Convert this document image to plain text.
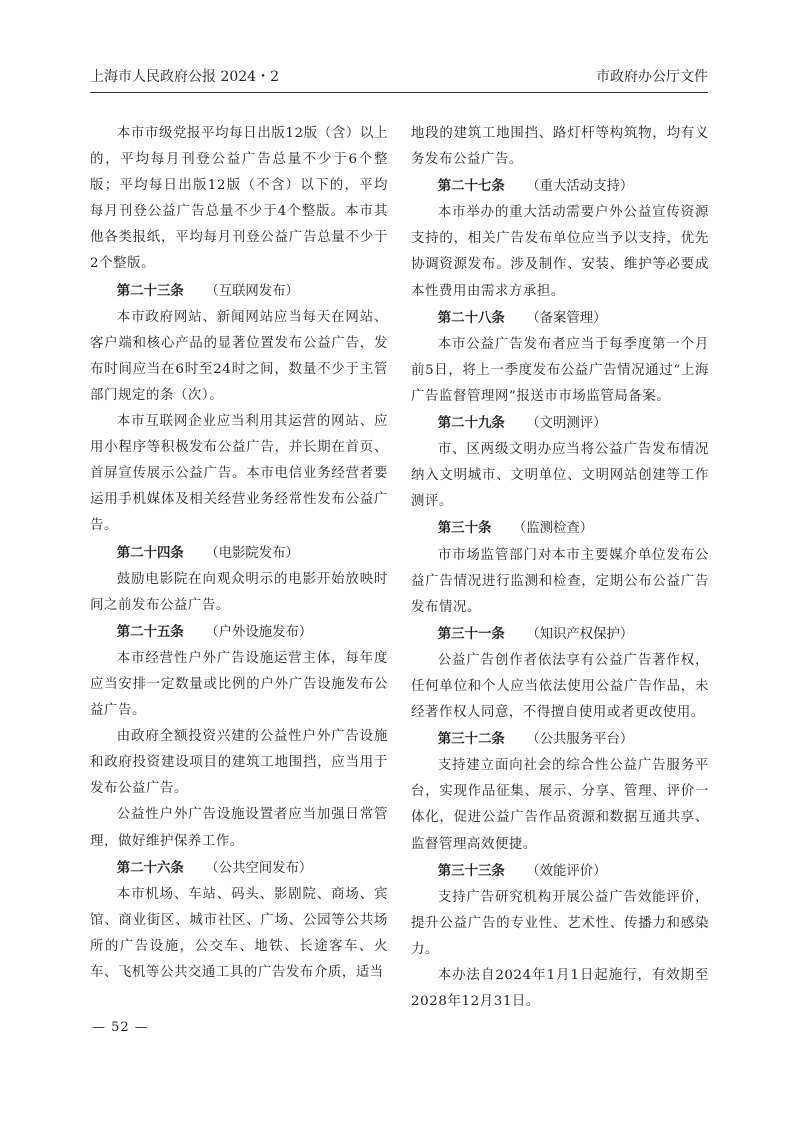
上海市人民政府公报 2024・2	市政府办公厅文件
本市市级党报平均每日出版12版（含）以上的，平均每月刊登公益广告总量不少于6个整版；平均每日出版12版（不含）以下的，平均每月刊登公益广告总量不少于4个整版。本市其他各类报纸，平均每月刊登公益广告总量不少于2个整版。
第二十三条 （互联网发布）
本市政府网站、新闻网站应当每天在网站、客户端和核心产品的显著位置发布公益广告，发布时间应当在6时至24时之间，数量不少于主管部门规定的条（次）。
本市互联网企业应当利用其运营的网站、应用小程序等积极发布公益广告，并长期在首页、首屏宣传展示公益广告。本市电信业务经营者要运用手机媒体及相关经营业务经常性发布公益广告。
第二十四条 （电影院发布）
鼓励电影院在向观众明示的电影开始放映时间之前发布公益广告。
第二十五条 （户外设施发布）
本市经营性户外广告设施运营主体，每年度应当安排一定数量或比例的户外广告设施发布公益广告。
由政府全额投资兴建的公益性户外广告设施和政府投资建设项目的建筑工地围挡，应当用于发布公益广告。
公益性户外广告设施设置者应当加强日常管理，做好维护保养工作。
第二十六条 （公共空间发布）
本市机场、车站、码头、影剧院、商场、宾馆、商业街区、城市社区、广场、公园等公共场所的广告设施，公交车、地铁、长途客车、火车、飞机等公共交通工具的广告发布介质，适当
地段的建筑工地围挡、路灯杆等构筑物，均有义务发布公益广告。
第二十七条 （重大活动支持）
本市举办的重大活动需要户外公益宣传资源支持的，相关广告发布单位应当予以支持，优先协调资源发布。涉及制作、安装、维护等必要成本性费用由需求方承担。
第二十八条 （备案管理）
本市公益广告发布者应当于每季度第一个月前5日，将上一季度发布公益广告情况通过“上海广告监督管理网”报送市市场监管局备案。
第二十九条 （文明测评）
市、区两级文明办应当将公益广告发布情况纳入文明城市、文明单位、文明网站创建等工作测评。
第三十条 （监测检查）
市市场监管部门对本市主要媒介单位发布公益广告情况进行监测和检查，定期公布公益广告发布情况。
第三十一条 （知识产权保护）
公益广告创作者依法享有公益广告著作权，任何单位和个人应当依法使用公益广告作品，未经著作权人同意，不得擅自使用或者更改使用。
第三十二条 （公共服务平台）
支持建立面向社会的综合性公益广告服务平台，实现作品征集、展示、分享、管理、评价一体化，促进公益广告作品资源和数据互通共享、监督管理高效便捷。
第三十三条 （效能评价）
支持广告研究机构开展公益广告效能评价，提升公益广告的专业性、艺术性、传播力和感染力。
本办法自2024年1月1日起施行，有效期至2028年12月31日。
— 52 —
